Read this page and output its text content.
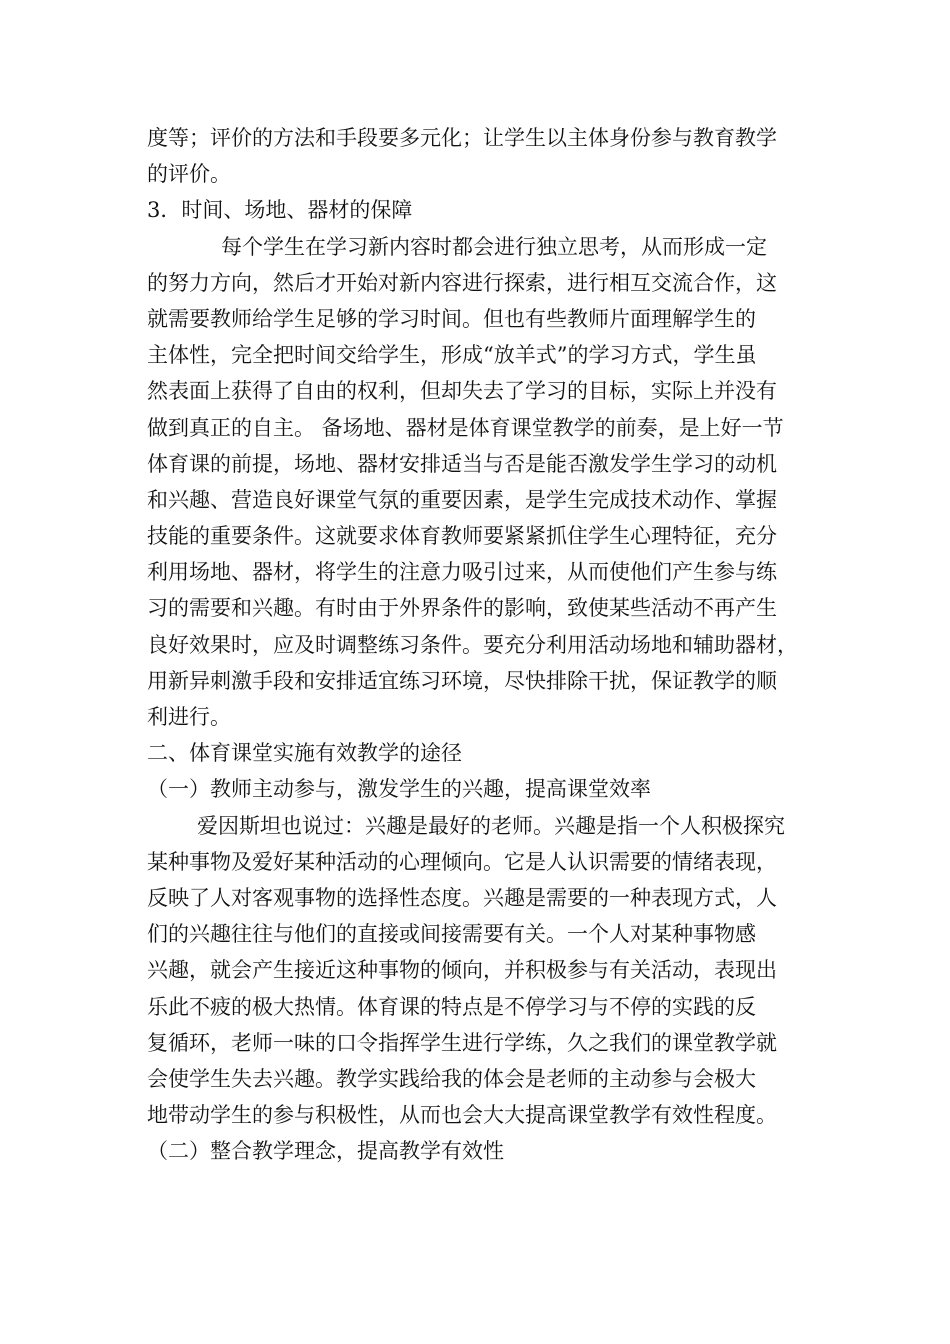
度等；评价的方法和手段要多元化；让学生以主体身份参与教育教学
的评价。
3．时间、场地、器材的保障
每个学生在学习新内容时都会进行独立思考，从而形成一定
的努力方向，然后才开始对新内容进行探索，进行相互交流合作，这
就需要教师给学生足够的学习时间。但也有些教师片面理解学生的
主体性，完全把时间交给学生，形成“放羊式”的学习方式，学生虽
然表面上获得了自由的权利，但却失去了学习的目标，实际上并没有
做到真正的自主。 备场地、器材是体育课堂教学的前奏，是上好一节
体育课的前提，场地、器材安排适当与否是能否激发学生学习的动机
和兴趣、营造良好课堂气氛的重要因素，是学生完成技术动作、掌握
技能的重要条件。这就要求体育教师要紧紧抓住学生心理特征，充分
利用场地、器材，将学生的注意力吸引过来，从而使他们产生参与练
习的需要和兴趣。有时由于外界条件的影响，致使某些活动不再产生
良好效果时，应及时调整练习条件。要充分利用活动场地和辅助器材，
用新异刺激手段和安排适宜练习环境，尽快排除干扰，保证教学的顺
利进行。
二、体育课堂实施有效教学的途径
（一）教师主动参与，激发学生的兴趣，提高课堂效率
爱因斯坦也说过：兴趣是最好的老师。兴趣是指一个人积极探究
某种事物及爱好某种活动的心理倾向。它是人认识需要的情绪表现，
反映了人对客观事物的选择性态度。兴趣是需要的一种表现方式，人
们的兴趣往往与他们的直接或间接需要有关。一个人对某种事物感
兴趣，就会产生接近这种事物的倾向，并积极参与有关活动，表现出
乐此不疲的极大热情。体育课的特点是不停学习与不停的实践的反
复循环，老师一味的口令指挥学生进行学练，久之我们的课堂教学就
会使学生失去兴趣。教学实践给我的体会是老师的主动参与会极大
地带动学生的参与积极性，从而也会大大提高课堂教学有效性程度。
（二）整合教学理念，提高教学有效性
